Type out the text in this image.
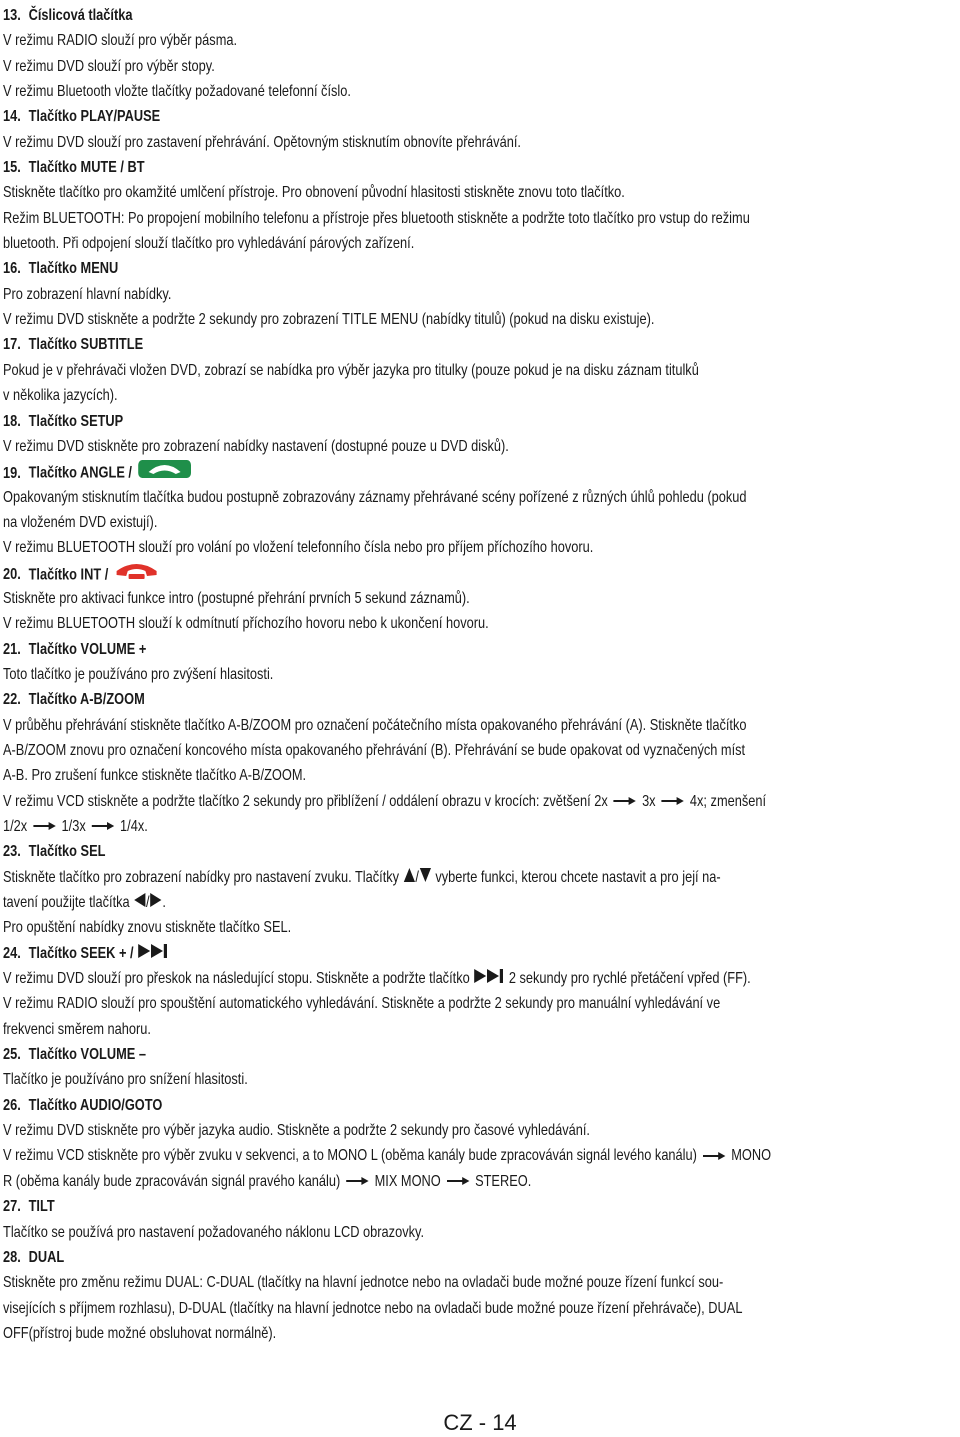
13. Číslicová tlačítka
V režimu RADIO slouží pro výběr pásma.
V režimu DVD slouží pro výběr stopy.
V režimu Bluetooth vložte tlačítky požadované telefonní číslo.
14. Tlačítko PLAY/PAUSE
V režimu DVD slouží pro zastavení přehrávání. Opětovným stisknutím obnovíte přehrávání.
15. Tlačítko MUTE / BT
Stiskněte tlačítko pro okamžité umlčení přístroje. Pro obnovení původní hlasitosti stiskněte znovu toto tlačítko.
Režim BLUETOOTH: Po propojení mobilního telefonu a přístroje přes bluetooth stiskněte a podržte toto tlačítko pro vstup do režimu
bluetooth. Při odpojení slouží tlačítko pro vyhledávání párových zařízení.
16. Tlačítko MENU
Pro zobrazení hlavní nabídky.
V režimu DVD stiskněte a podržte 2 sekundy pro zobrazení TITLE MENU (nabídky titulů) (pokud na disku existuje).
17. Tlačítko SUBTITLE
Pokud je v přehrávači vložen DVD, zobrazí se nabídka pro výběr jazyka pro titulky (pouze pokud je na disku záznam titulků
v několika jazycích).
18. Tlačítko SETUP
V režimu DVD stiskněte pro zobrazení nabídky nastavení (dostupné pouze u DVD disků).
19. Tlačítko ANGLE /
Opakovaným stisknutím tlačítka budou postupně zobrazovány záznamy přehrávané scény pořízené z různých úhlů pohledu (pokud
na vloženém DVD existují).
V režimu BLUETOOTH slouží pro volání po vložení telefonního čísla nebo pro příjem příchozího hovoru.
20. Tlačítko INT /
Stiskněte pro aktivaci funkce intro (postupné přehrání prvních 5 sekund záznamů).
V režimu BLUETOOTH slouží k odmítnutí příchozího hovoru nebo k ukončení hovoru.
21. Tlačítko VOLUME +
Toto tlačítko je používáno pro zvýšení hlasitosti.
22. Tlačítko A-B/ZOOM
V průběhu přehrávání stiskněte tlačítko A-B/ZOOM pro označení počátečního místa opakovaného přehrávání (A). Stiskněte tlačítko
A-B/ZOOM znovu pro označení koncového místa opakovaného přehrávání (B). Přehrávání se bude opakovat od vyznačených míst
A-B. Pro zrušení funkce stiskněte tlačítko A-B/ZOOM.
V režimu VCD stiskněte a podržte tlačítko 2 sekundy pro přiblížení / oddálení obrazu v krocích: zvětšení 2x 3x 4x; zmenšení
1/2x 1/3x 1/4x.
23. Tlačítko SEL
Stiskněte tlačítko pro zobrazení nabídky pro nastavení zvuku. Tlačítky / vyberte funkci, kterou chcete nastavit a pro její na-
tavení použijte tlačítka / .
Pro opuštění nabídky znovu stiskněte tlačítko SEL.
24. Tlačítko SEEK + /
V režimu DVD slouží pro přeskok na následující stopu. Stiskněte a podržte tlačítko 2 sekundy pro rychlé přetáčení vpřed (FF).
V režimu RADIO slouží pro spouštění automatického vyhledávání. Stiskněte a podržte 2 sekundy pro manuální vyhledávání ve
frekvenci směrem nahoru.
25. Tlačítko VOLUME –
Tlačítko je používáno pro snížení hlasitosti.
26. Tlačítko AUDIO/GOTO
V režimu DVD stiskněte pro výběr jazyka audio. Stiskněte a podržte 2 sekundy pro časové vyhledávání.
V režimu VCD stiskněte pro výběr zvuku v sekvenci, a to MONO L (oběma kanály bude zpracováván signál levého kanálu) MONO
R (oběma kanály bude zpracováván signál pravého kanálu) MIX MONO STEREO.
27. TILT
Tlačítko se používá pro nastavení požadovaného náklonu LCD obrazovky.
28. DUAL
Stiskněte pro změnu režimu DUAL: C-DUAL (tlačítky na hlavní jednotce nebo na ovladači bude možné pouze řízení funkcí sou-
visejících s příjmem rozhlasu), D-DUAL (tlačítky na hlavní jednotce nebo na ovladači bude možné pouze řízení přehrávače), DUAL
OFF(přístroj bude možné obsluhovat normálně).
CZ - 14
